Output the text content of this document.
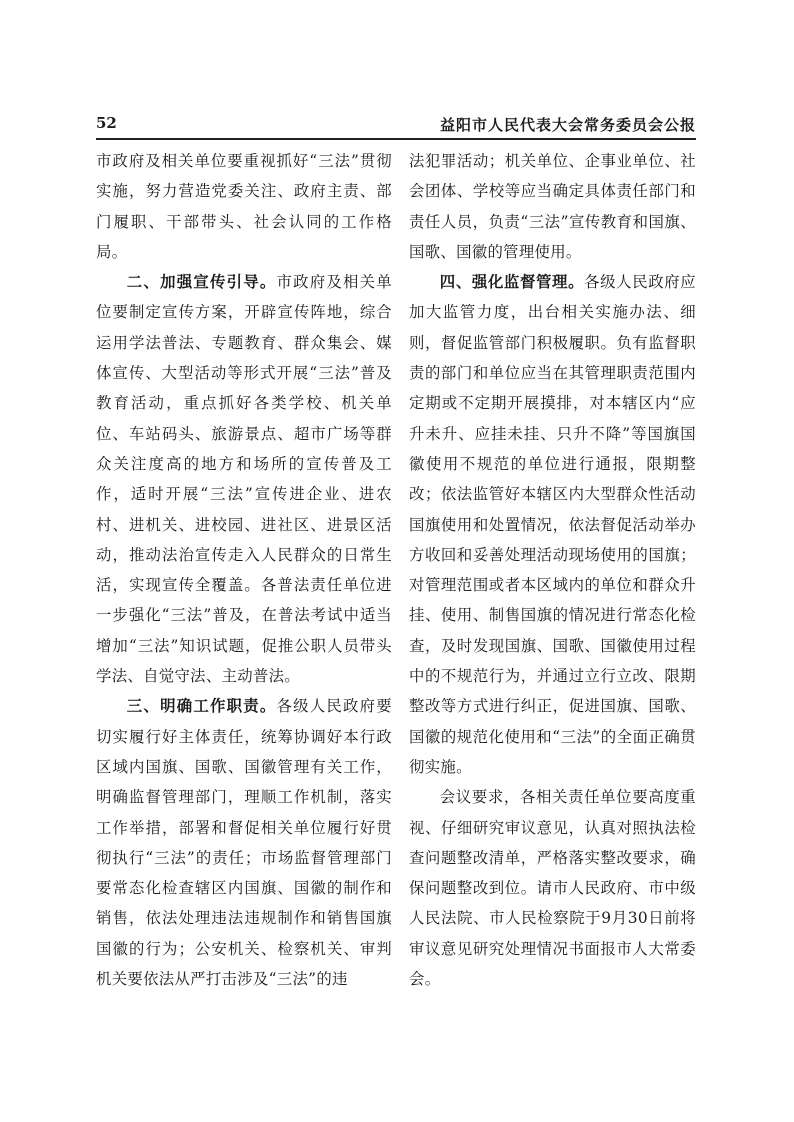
52	益阳市人民代表大会常务委员会公报

市政府及相关单位要重视抓好“三法”贯彻实施，努力营造党委关注、政府主责、部门履职、干部带头、社会认同的工作格局。

二、加强宣传引导。市政府及相关单位要制定宣传方案，开辟宣传阵地，综合运用学法普法、专题教育、群众集会、媒体宣传、大型活动等形式开展“三法”普及教育活动，重点抓好各类学校、机关单位、车站码头、旅游景点、超市广场等群众关注度高的地方和场所的宣传普及工作，适时开展“三法”宣传进企业、进农村、进机关、进校园、进社区、进景区活动，推动法治宣传走入人民群众的日常生活，实现宣传全覆盖。各普法责任单位进一步强化“三法”普及，在普法考试中适当增加“三法”知识试题，促推公职人员带头学法、自觉守法、主动普法。

三、明确工作职责。各级人民政府要切实履行好主体责任，统筹协调好本行政区域内国旗、国歌、国徽管理有关工作，明确监督管理部门，理顺工作机制，落实工作举措，部署和督促相关单位履行好贯彻执行“三法”的责任；市场监督管理部门要常态化检查辖区内国旗、国徽的制作和销售，依法处理违法违规制作和销售国旗国徽的行为；公安机关、检察机关、审判机关要依法从严打击涉及“三法”的违

法犯罪活动；机关单位、企事业单位、社会团体、学校等应当确定具体责任部门和责任人员，负责“三法”宣传教育和国旗、国歌、国徽的管理使用。

四、强化监督管理。各级人民政府应加大监管力度，出台相关实施办法、细则，督促监管部门积极履职。负有监督职责的部门和单位应当在其管理职责范围内定期或不定期开展摸排，对本辖区内“应升未升、应挂未挂、只升不降”等国旗国徽使用不规范的单位进行通报，限期整改；依法监管好本辖区内大型群众性活动国旗使用和处置情况，依法督促活动举办方收回和妥善处理活动现场使用的国旗；对管理范围或者本区域内的单位和群众升挂、使用、制售国旗的情况进行常态化检查，及时发现国旗、国歌、国徽使用过程中的不规范行为，并通过立行立改、限期整改等方式进行纠正，促进国旗、国歌、国徽的规范化使用和“三法”的全面正确贯彻实施。

会议要求，各相关责任单位要高度重视、仔细研究审议意见，认真对照执法检查问题整改清单，严格落实整改要求，确保问题整改到位。请市人民政府、市中级人民法院、市人民检察院于9月30日前将审议意见研究处理情况书面报市人大常委会。
